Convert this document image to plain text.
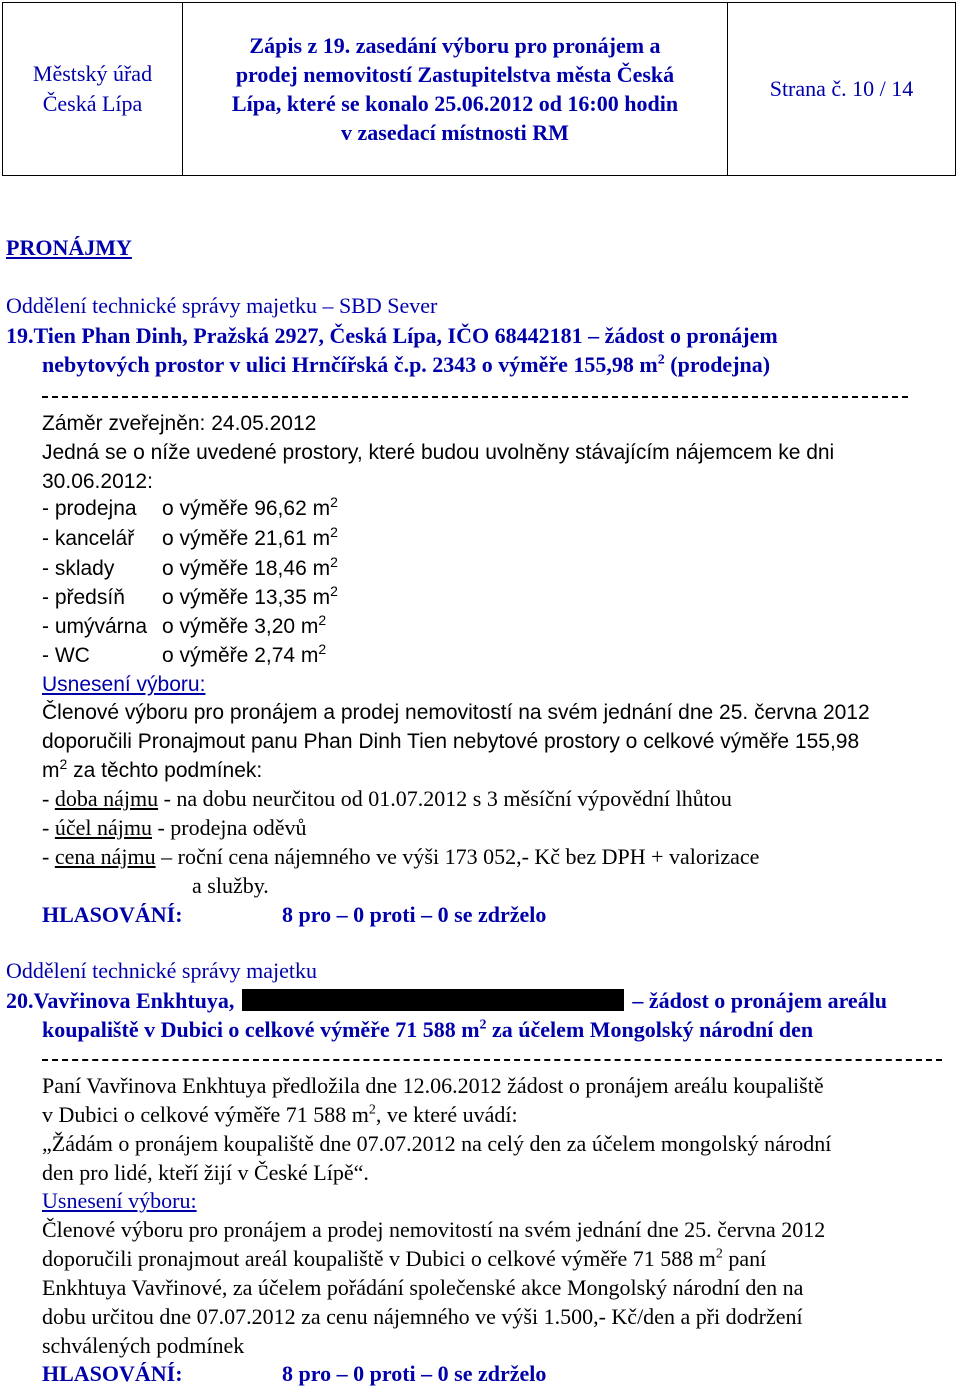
Městský úřad
Česká Lípa
Zápis z 19. zasedání výboru pro pronájem a
prodej nemovitostí Zastupitelstva města Česká
Lípa, které se konalo 25.06.2012 od 16:00 hodin
v zasedací místnosti RM
Strana č. 10 / 14
PRONÁJMY
Oddělení technické správy majetku – SBD Sever
19.Tien Phan Dinh, Pražská 2927, Česká Lípa, IČO 68442181 – žádost o pronájem
nebytových prostor v ulici Hrnčířská č.p. 2343 o výměře 155,98 $m^2$ (prodejna)
Záměr zveřejněn: 24.05.2012
Jedná se o níže uvedené prostory, které budou uvolněny stávajícím nájemcem ke dni
30.06.2012:
- prodejna o výměře 96,62 $m^2$
- kancelář o výměře 21,61 $m^2$
- sklady o výměře 18,46 $m^2$
- předsíň o výměře 13,35 $m^2$
- umývárna o výměře 3,20 $m^2$
- WC	o výměře 2,74 $m^2$
Usnesení výboru:
Členové výboru pro pronájem a prodej nemovitostí na svém jednání dne 25. června 2012
doporučili Pronajmout panu Phan Dinh Tien nebytové prostory o celkové výměře 155,98
$m^2$ za těchto podmínek:
- doba nájmu - na dobu neurčitou od 01.07.2012 s 3 měsíční výpovědní lhůtou
- účel nájmu - prodejna oděvů
- cena nájmu – roční cena nájemného ve výši 173 052,- Kč bez DPH + valorizace
a služby.
HLASOVÁNÍ:	8 pro – 0 proti – 0 se zdrželo
Oddělení technické správy majetku
20.Vavřinova Enkhtuya,	– žádost o pronájem areálu
koupaliště v Dubici o celkové výměře 71 588 $m^2$ za účelem Mongolský národní den
Paní Vavřinova Enkhtuya předložila dne 12.06.2012 žádost o pronájem areálu koupaliště
v Dubici o celkové výměře 71 588 $m^2$, ve které uvádí:
„Žádám o pronájem koupaliště dne 07.07.2012 na celý den za účelem mongolský národní
den pro lidé, kteří žijí v České Lípě“.
Usnesení výboru:
Členové výboru pro pronájem a prodej nemovitostí na svém jednání dne 25. června 2012
doporučili pronajmout areál koupaliště v Dubici o celkové výměře 71 588 $m^2$ paní
Enkhtuya Vavřinové, za účelem pořádání společenské akce Mongolský národní den na
dobu určitou dne 07.07.2012 za cenu nájemného ve výši 1.500,- Kč/den a při dodržení
schválených podmínek
HLASOVÁNÍ:	8 pro – 0 proti – 0 se zdrželo
